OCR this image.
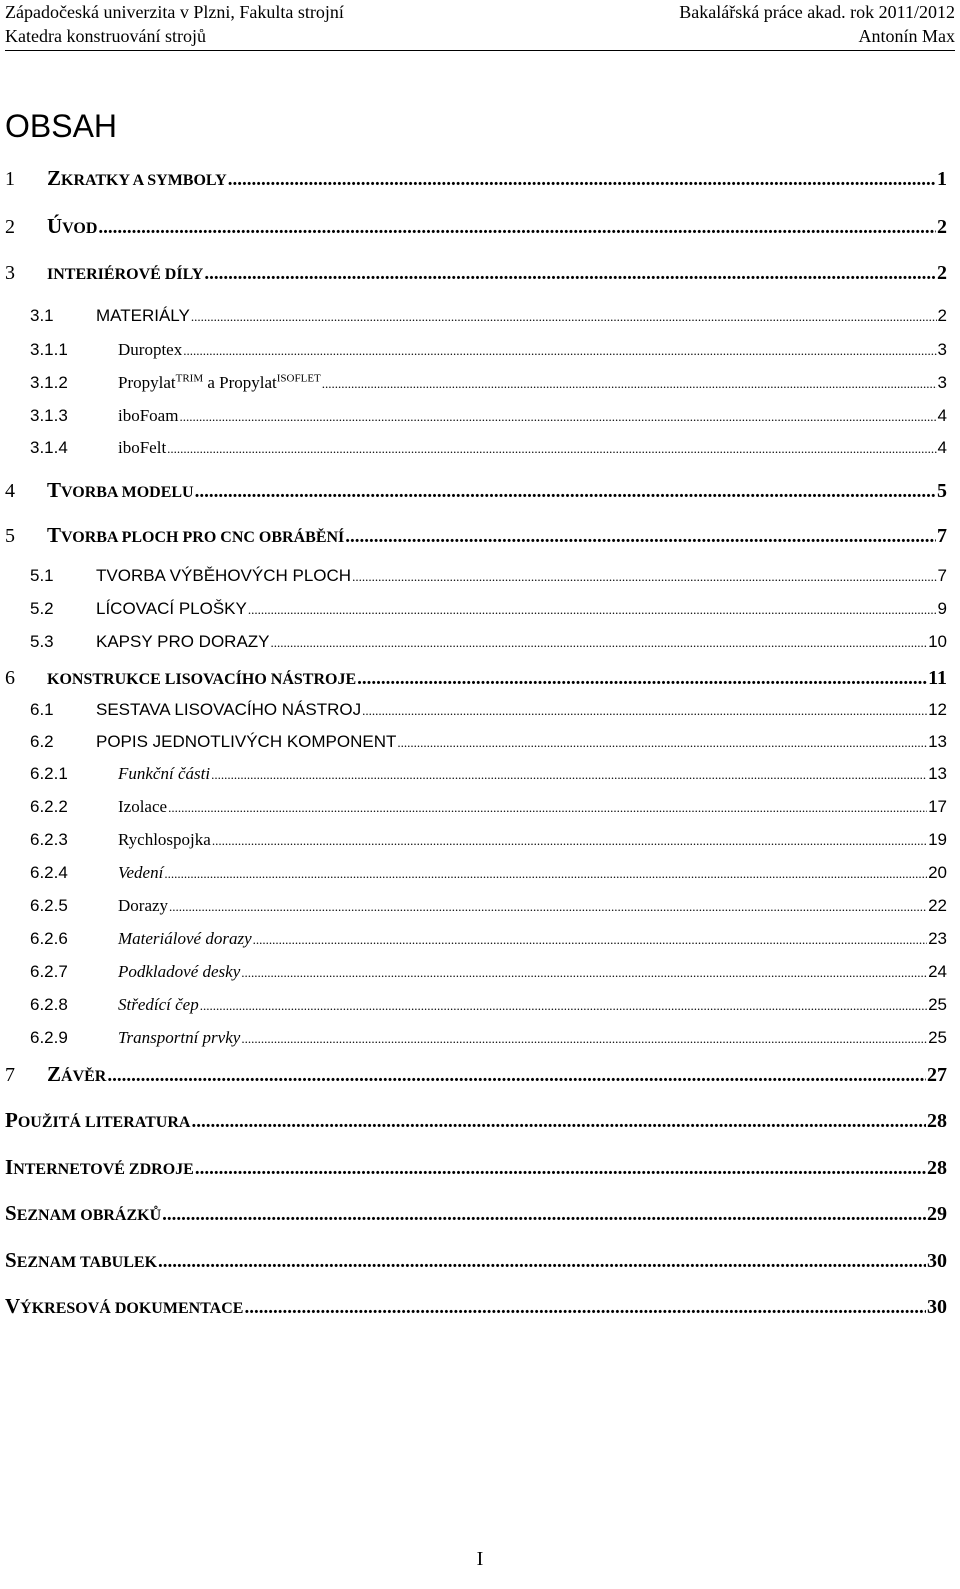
Západočeská univerzita v Plzni, Fakulta strojní	Bakalářská práce akad. rok 2011/2012
Katedra konstruování strojů	Antonín Max
OBSAH
1	ZKRATKY A SYMBOLY .....	1
2	ÚVOD .....	2
3	INTERIÉROVÉ DÍLY .....	2
3.1	MATERIÁLY .....	2
3.1.1	Duroptex .....	3
3.1.2	Propylat$^{TRIM}$ a Propylat$^{ISOFLET}$ .....	3
3.1.3	iboFoam .....	4
3.1.4	iboFelt .....	4
4	TVORBA MODELU .....	5
5	TVORBA PLOCH PRO CNC OBRÁBĚNÍ .....	7
5.1	TVORBA VÝBĚHOVÝCH PLOCH .....	7
5.2	LÍCOVACÍ PLOŠKY .....	9
5.3	KAPSY PRO DORAZY .....	10
6	KONSTRUKCE LISOVACÍHO NÁSTROJE .....	11
6.1	SESTAVA LISOVACÍHO NÁSTROJ .....	12
6.2	POPIS JEDNOTLIVÝCH KOMPONENT .....	13
6.2.1	Funkční části .....	13
6.2.2	Izolace .....	17
6.2.3	Rychlospojka .....	19
6.2.4	Vedení .....	20
6.2.5	Dorazy .....	22
6.2.6	Materiálové dorazy .....	23
6.2.7	Podkladové desky .....	24
6.2.8	Středící čep .....	25
6.2.9	Transportní prvky .....	25
7	ZÁVĚR .....	27
POUŽITÁ LITERATURA .....	28
INTERNETOVÉ ZDROJE .....	28
SEZNAM OBRÁZKŮ .....	29
SEZNAM TABULEK .....	30
VÝKRESOVÁ DOKUMENTACE .....	30
I
